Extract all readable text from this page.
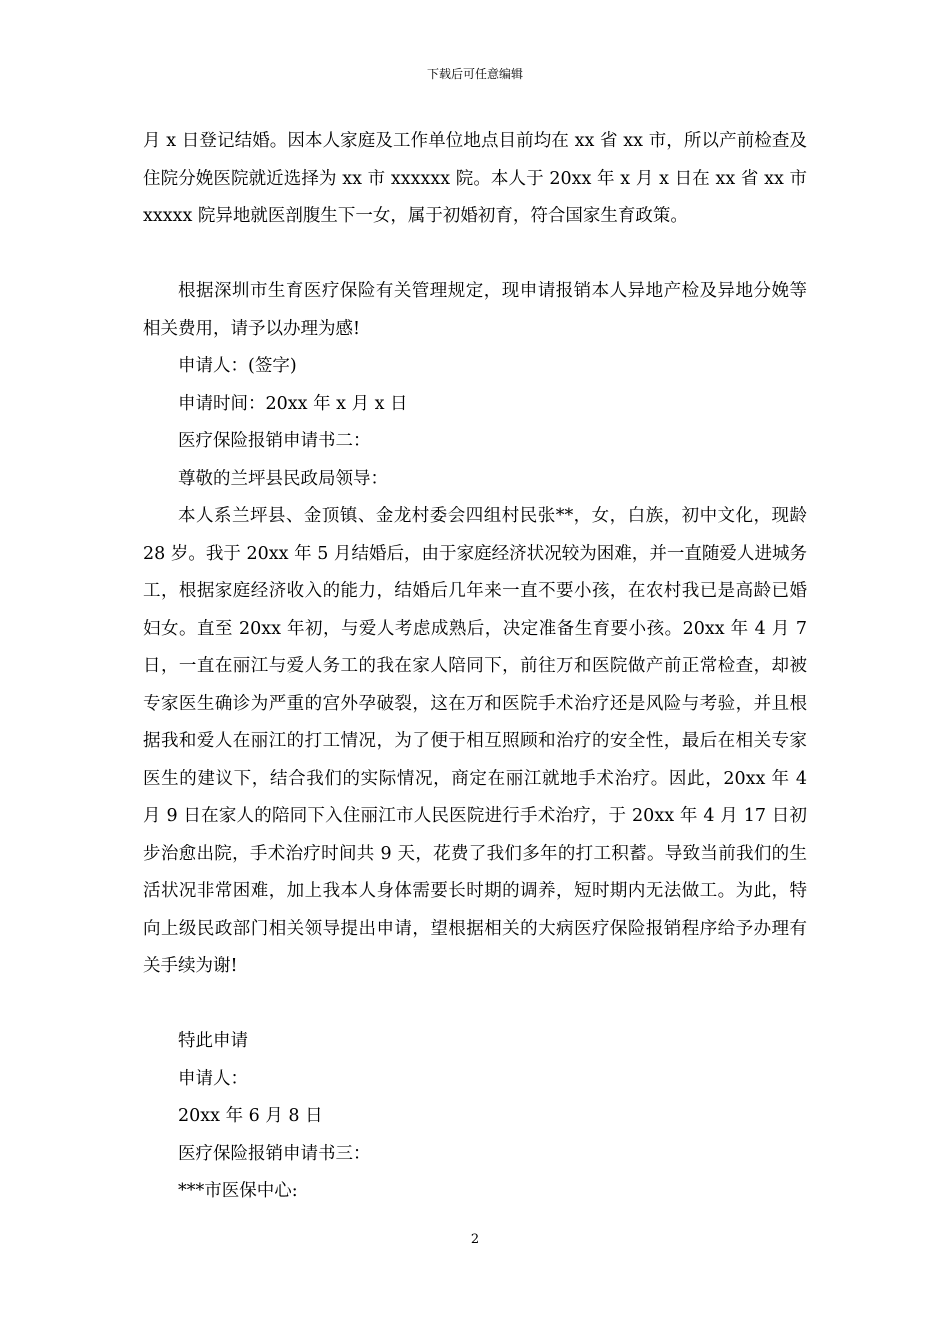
下载后可任意编辑

月 x 日登记结婚。因本人家庭及工作单位地点目前均在 xx 省 xx 市，所以产前检查及住院分娩医院就近选择为 xx 市 xxxxxx 院。本人于 20xx 年 x 月 x 日在 xx 省 xx 市 xxxxx 院异地就医剖腹生下一女，属于初婚初育，符合国家生育政策。

根据深圳市生育医疗保险有关管理规定，现申请报销本人异地产检及异地分娩等相关费用，请予以办理为感!

申请人：(签字)

申请时间：20xx 年 x 月 x 日

医疗保险报销申请书二：

尊敬的兰坪县民政局领导：

本人系兰坪县、金顶镇、金龙村委会四组村民张**，女，白族，初中文化，现龄 28 岁。我于 20xx 年 5 月结婚后，由于家庭经济状况较为困难，并一直随爱人进城务工，根据家庭经济收入的能力，结婚后几年来一直不要小孩，在农村我已是高龄已婚妇女。直至 20xx 年初，与爱人考虑成熟后，决定准备生育要小孩。20xx 年 4 月 7 日，一直在丽江与爱人务工的我在家人陪同下，前往万和医院做产前正常检查，却被专家医生确诊为严重的宫外孕破裂，这在万和医院手术治疗还是风险与考验，并且根据我和爱人在丽江的打工情况，为了便于相互照顾和治疗的安全性，最后在相关专家医生的建议下，结合我们的实际情况，商定在丽江就地手术治疗。因此，20xx 年 4 月 9 日在家人的陪同下入住丽江市人民医院进行手术治疗，于 20xx 年 4 月 17 日初步治愈出院，手术治疗时间共 9 天，花费了我们多年的打工积蓄。导致当前我们的生活状况非常困难，加上我本人身体需要长时期的调养，短时期内无法做工。为此，特向上级民政部门相关领导提出申请，望根据相关的大病医疗保险报销程序给予办理有关手续为谢!

特此申请

申请人：

20xx 年 6 月 8 日

医疗保险报销申请书三：

***市医保中心:

2
